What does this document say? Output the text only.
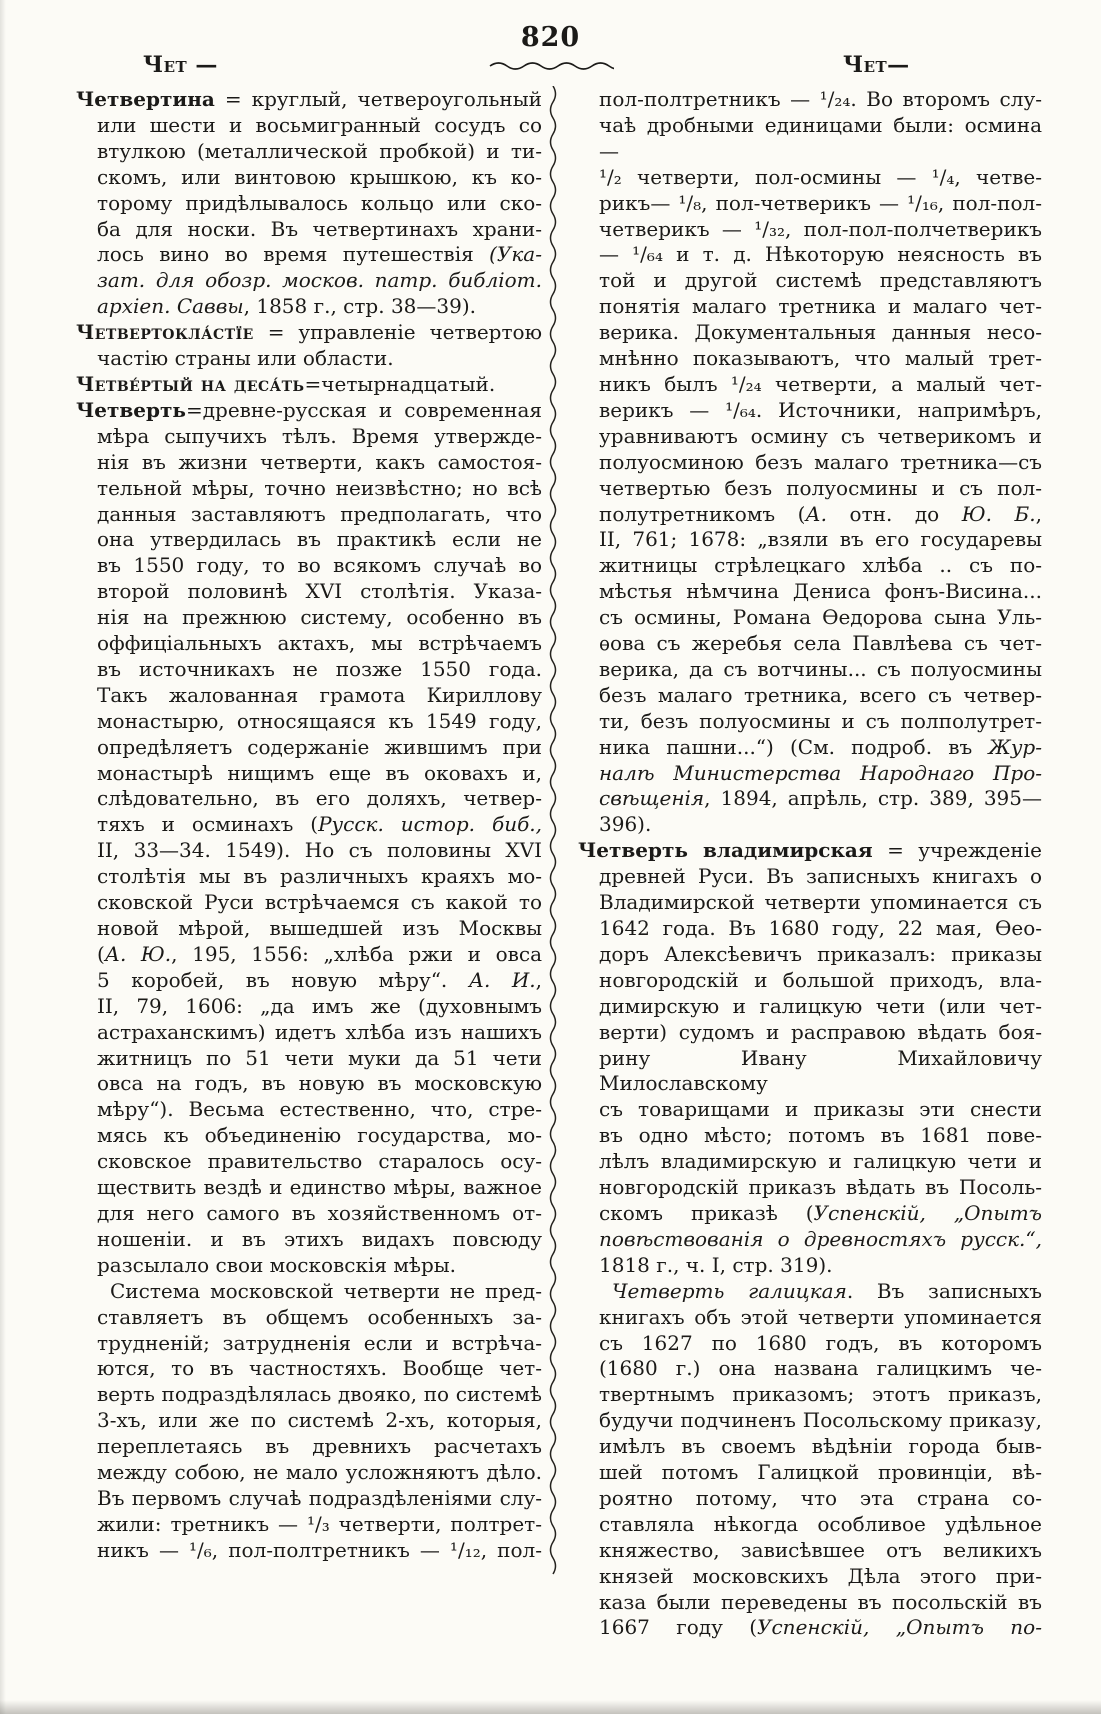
820
Чет —	Чет—
Четвертина = круглый, четвероугольный
или шести и восьмигранный сосудъ со
втулкою (металлической пробкой) и ти-
скомъ, или винтовою крышкою, къ ко-
торому придѣлывалось кольцо или ско-
ба для носки. Въ четвертинахъ храни-
лось вино во время путешествія (Ука-
зат. для обозр. москов. патр. библіот.
архіеп. Саввы, 1858 г., стр. 38—39).
Четвертокла́стїе = управленіе четвертою
частію страны или области.
Четве́ртый на деса́ть=четырнадцатый.
Четверть=древне-русская и современная
мѣра сыпучихъ тѣлъ. Время утвержде-
нія въ жизни четверти, какъ самостоя-
тельной мѣры, точно неизвѣстно; но всѣ
данныя заставляютъ предполагать, что
она утвердилась въ практикѣ если не
въ 1550 году, то во всякомъ случаѣ во
второй половинѣ XVI столѣтія. Указа-
нія на прежнюю систему, особенно въ
оффиціальныхъ актахъ, мы встрѣчаемъ
въ источникахъ не позже 1550 года.
Такъ жалованная грамота Кириллову
монастырю, относящаяся къ 1549 году,
опредѣляетъ содержаніе жившимъ при
монастырѣ нищимъ еще въ оковахъ и,
слѣдовательно, въ его доляхъ, четвер-
тяхъ и осминахъ (Русск. истор. биб.,
II, 33—34. 1549). Но съ половины XVI
столѣтія мы въ различныхъ краяхъ мо-
сковской Руси встрѣчаемся съ какой то
новой мѣрой, вышедшей изъ Москвы
(А. Ю., 195, 1556: „хлѣба ржи и овса
5 коробей, въ новую мѣру“. А. И.,
II, 79, 1606: „да имъ же (духовнымъ
астраханскимъ) идетъ хлѣба изъ нашихъ
житницъ по 51 чети муки да 51 чети
овса на годъ, въ новую въ московскую
мѣру“). Весьма естественно, что, стре-
мясь къ объединенію государства, мо-
сковское правительство старалось осу-
ществить вездѣ и единство мѣры, важное
для него самого въ хозяйственномъ от-
ношеніи. и въ этихъ видахъ повсюду
разсылало свои московскія мѣры.
Система московской четверти не пред-
ставляетъ въ общемъ особенныхъ за-
трудненій; затрудненія если и встрѣча-
ются, то въ частностяхъ. Вообще чет-
верть подраздѣлялась двояко, по системѣ
3-хъ, или же по системѣ 2-хъ, которыя,
переплетаясь въ древнихъ расчетахъ
между собою, не мало усложняютъ дѣло.
Въ первомъ случаѣ подраздѣленіями слу-
жили: третникъ — ¹/₃ четверти, полтрет-
никъ — ¹/₆, пол-полтретникъ — ¹/₁₂, пол-
пол-полтретникъ — ¹/₂₄. Во второмъ слу-
чаѣ дробными единицами были: осмина—
¹/₂ четверти, пол-осмины — ¹/₄, четве-
рикъ— ¹/₈, пол-четверикъ — ¹/₁₆, пол-пол-
четверикъ — ¹/₃₂, пол-пол-полчетверикъ
— ¹/₆₄ и т. д. Нѣкоторую неясность въ
той и другой системѣ представляютъ
понятія малаго третника и малаго чет-
верика. Документальныя данныя несо-
мнѣнно показываютъ, что малый трет-
никъ былъ ¹/₂₄ четверти, а малый чет-
верикъ — ¹/₆₄. Источники, напримѣръ,
уравниваютъ осмину съ четверикомъ и
полуосминою безъ малаго третника—съ
четвертью безъ полуосмины и съ пол-
полутретникомъ (А. отн. до Ю. Б.,
II, 761; 1678: „взяли въ его государевы
житницы стрѣлецкаго хлѣба .. съ по-
мѣстья нѣмчина Дениса фонъ-Висина...
съ осмины, Романа Ѳедорова сына Уль-
ѳова съ жеребья села Павлѣева съ чет-
верика, да съ вотчины... съ полуосмины
безъ малаго третника, всего съ четвер-
ти, безъ полуосмины и съ полполутрет-
ника пашни...“) (См. подроб. въ Жур-
налѣ Министерства Народнаго Про-
свѣщенія, 1894, апрѣль, стр. 389, 395—
396).
Четверть владимирская = учрежденіе
древней Руси. Въ записныхъ книгахъ о
Владимирской четверти упоминается съ
1642 года. Въ 1680 году, 22 мая, Ѳео-
доръ Алексѣевичъ приказалъ: приказы
новгородскій и большой приходъ, вла-
димирскую и галицкую чети (или чет-
верти) судомъ и расправою вѣдать боя-
рину Ивану Михайловичу Милославскому
съ товарищами и приказы эти снести
въ одно мѣсто; потомъ въ 1681 пове-
лѣлъ владимирскую и галицкую чети и
новгородскій приказъ вѣдать въ Посоль-
скомъ приказѣ (Успенскій, „Опытъ
повѣствованія о древностяхъ русск.“,
1818 г., ч. I, стр. 319).
Четверть галицкая. Въ записныхъ
книгахъ объ этой четверти упоминается
съ 1627 по 1680 годъ, въ которомъ
(1680 г.) она названа галицкимъ че-
твертнымъ приказомъ; этотъ приказъ,
будучи подчиненъ Посольскому приказу,
имѣлъ въ своемъ вѣдѣніи города быв-
шей потомъ Галицкой провинціи, вѣ-
роятно потому, что эта страна со-
ставляла нѣкогда особливое удѣльное
княжество, зависѣвшее отъ великихъ
князей московскихъ Дѣла этого при-
каза были переведены въ посольскій въ
1667 году (Успенскій, „Опытъ по-
